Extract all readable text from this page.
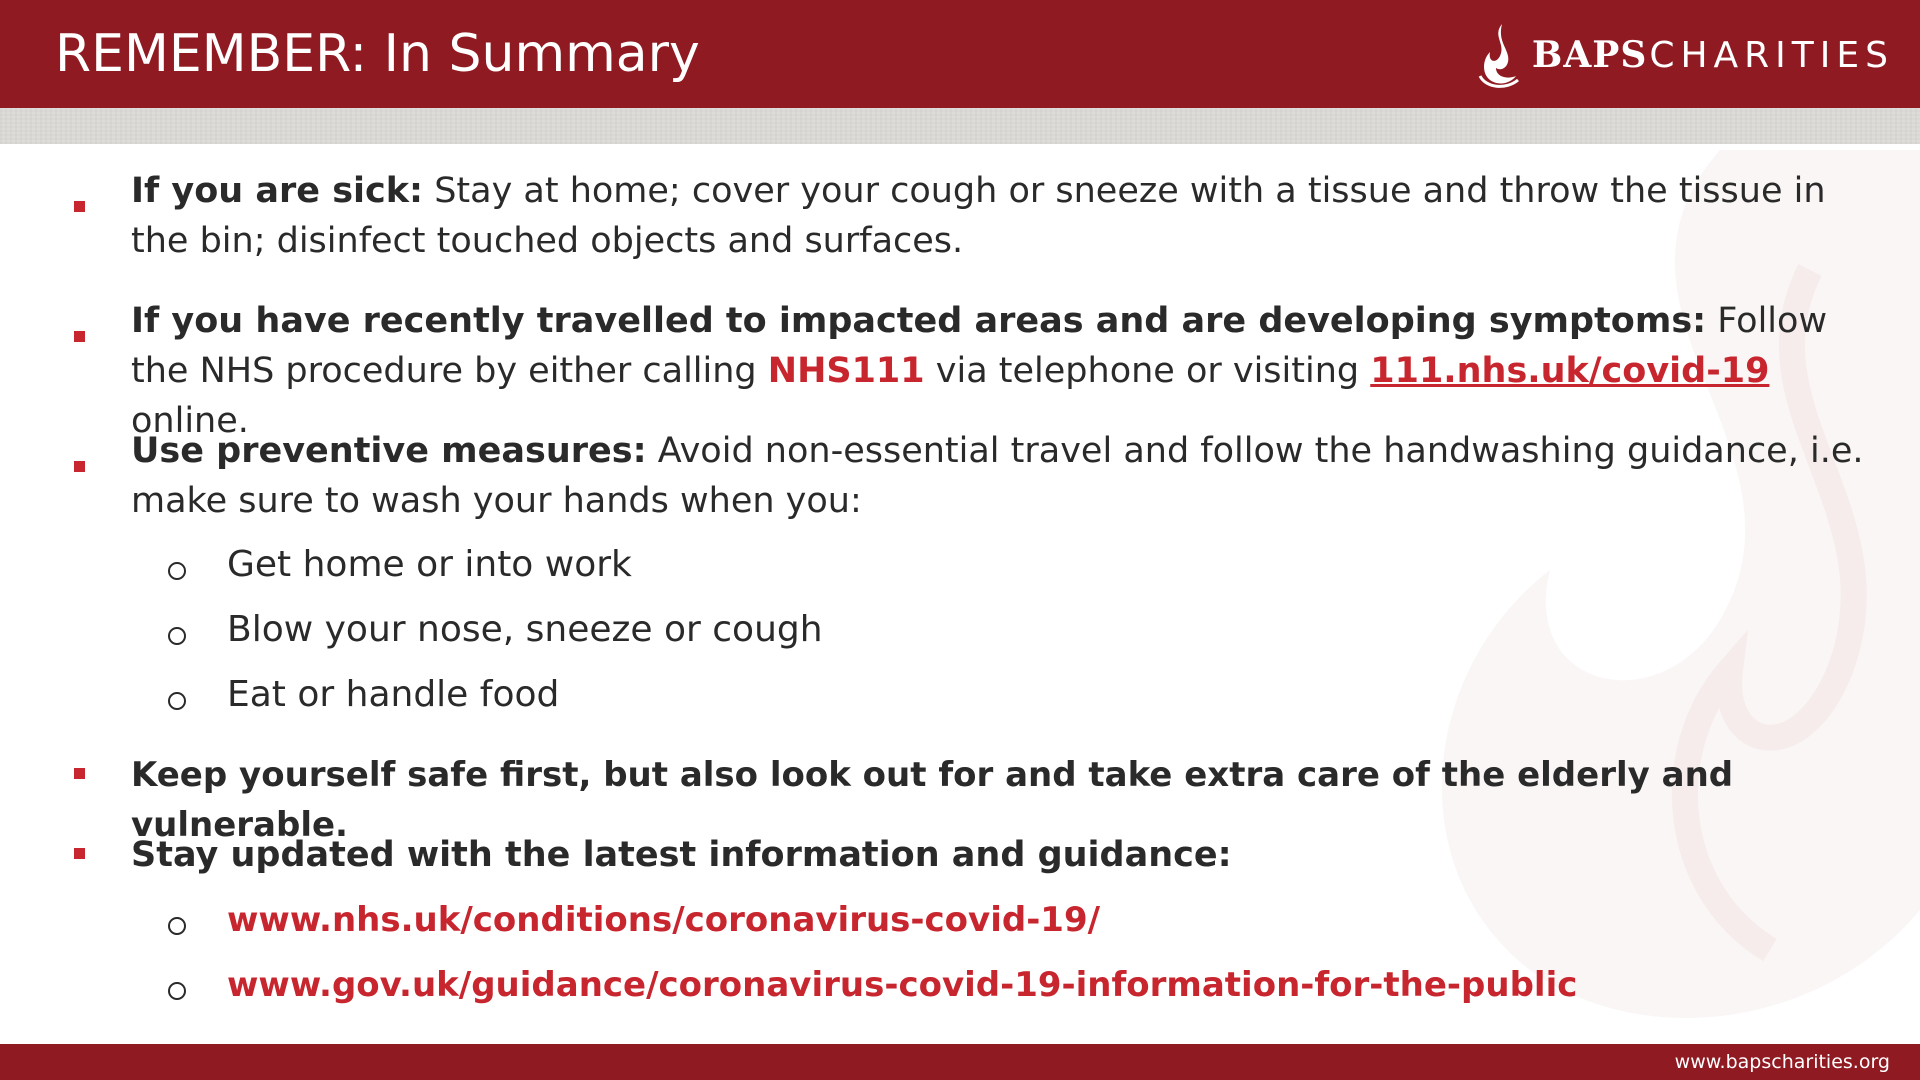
REMEMBER: In Summary	BAPS CHARITIES
If you are sick: Stay at home; cover your cough or sneeze with a tissue and throw the tissue in the bin; disinfect touched objects and surfaces.
If you have recently travelled to impacted areas and are developing symptoms: Follow the NHS procedure by either calling NHS111 via telephone or visiting 111.nhs.uk/covid-19 online.
Use preventive measures: Avoid non-essential travel and follow the handwashing guidance, i.e. make sure to wash your hands when you:
Get home or into work
Blow your nose, sneeze or cough
Eat or handle food
Keep yourself safe first, but also look out for and take extra care of the elderly and vulnerable.
Stay updated with the latest information and guidance:
www.nhs.uk/conditions/coronavirus-covid-19/
www.gov.uk/guidance/coronavirus-covid-19-information-for-the-public
www.bapscharities.org
